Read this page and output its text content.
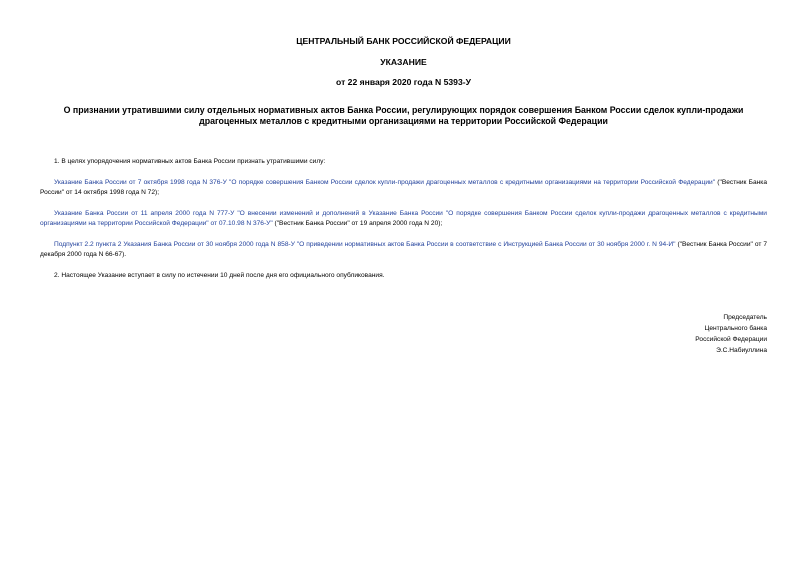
ЦЕНТРАЛЬНЫЙ БАНК РОССИЙСКОЙ ФЕДЕРАЦИИ
УКАЗАНИЕ
от 22 января 2020 года N 5393-У
О признании утратившими силу отдельных нормативных актов Банка России, регулирующих порядок совершения Банком России сделок купли-продажи драгоценных металлов с кредитными организациями на территории Российской Федерации
1. В целях упорядочения нормативных актов Банка России признать утратившими силу:
Указание Банка России от 7 октября 1998 года N 376-У "О порядке совершения Банком России сделок купли-продажи драгоценных металлов с кредитными организациями на территории Российской Федерации" ("Вестник Банка России" от 14 октября 1998 года N 72);
Указание Банка России от 11 апреля 2000 года N 777-У "О внесении изменений и дополнений в Указание Банка России "О порядке совершения Банком России сделок купли-продажи драгоценных металлов с кредитными организациями на территории Российской Федерации" от 07.10.98 N 376-У" ("Вестник Банка России" от 19 апреля 2000 года N 20);
Подпункт 2.2 пункта 2 Указания Банка России от 30 ноября 2000 года N 858-У "О приведении нормативных актов Банка России в соответствие с Инструкцией Банка России от 30 ноября 2000 г. N 94-И" ("Вестник Банка России" от 7 декабря 2000 года N 66-67).
2. Настоящее Указание вступает в силу по истечении 10 дней после дня его официального опубликования.
Председатель
Центрального банка
Российской Федерации
Э.С.Набиуллина
